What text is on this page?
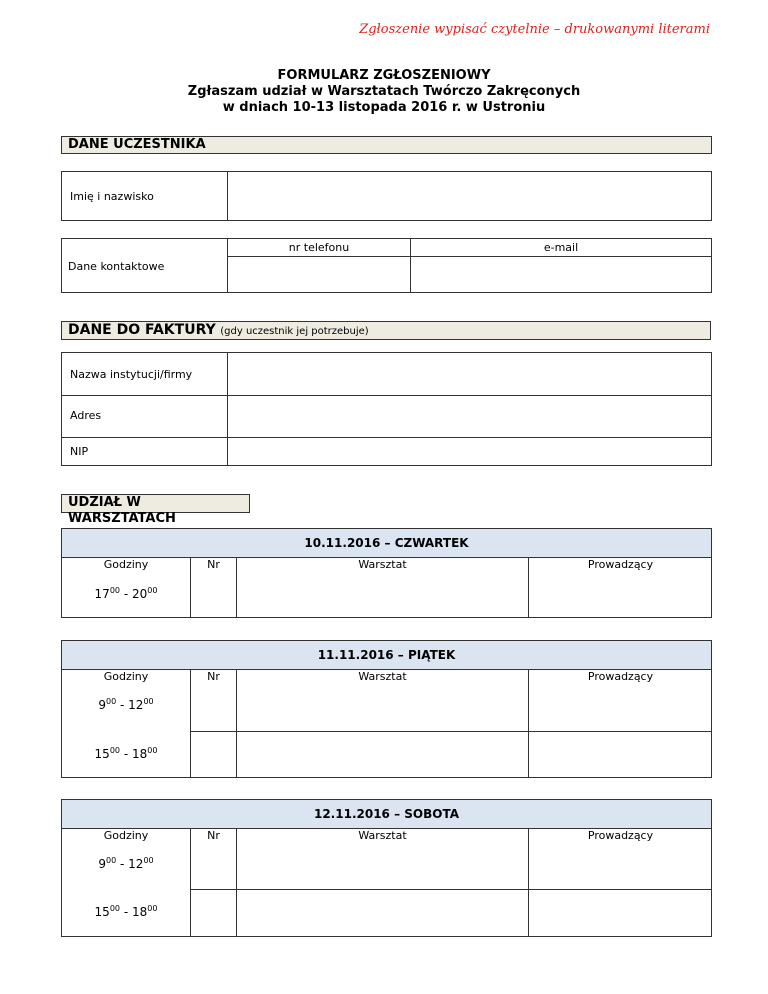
Zgłoszenie wypisać czytelnie – drukowanymi literami
FORMULARZ ZGŁOSZENIOWY
Zgłaszam udział w Warsztatach Twórczo Zakręconych
w dniach 10-13 listopada 2016 r. w Ustroniu
DANE UCZESTNIKA
Imię i nazwisko
Dane kontaktowe
nr telefonu	e-mail
DANE DO FAKTURY (gdy uczestnik jej potrzebuje)
Nazwa instytucji/firmy
Adres
NIP
UDZIAŁ W WARSZTATACH
10.11.2016 – CZWARTEK
Godziny	Nr	Warsztat	Prowadzący
$17^{00} - 20^{00}$
11.11.2016 – PIĄTEK
Godziny	Nr	Warsztat	Prowadzący
$9^{00} - 12^{00}$
$15^{00} - 18^{00}$
12.11.2016 – SOBOTA
Godziny	Nr	Warsztat	Prowadzący
$9^{00} - 12^{00}$
$15^{00} - 18^{00}$
